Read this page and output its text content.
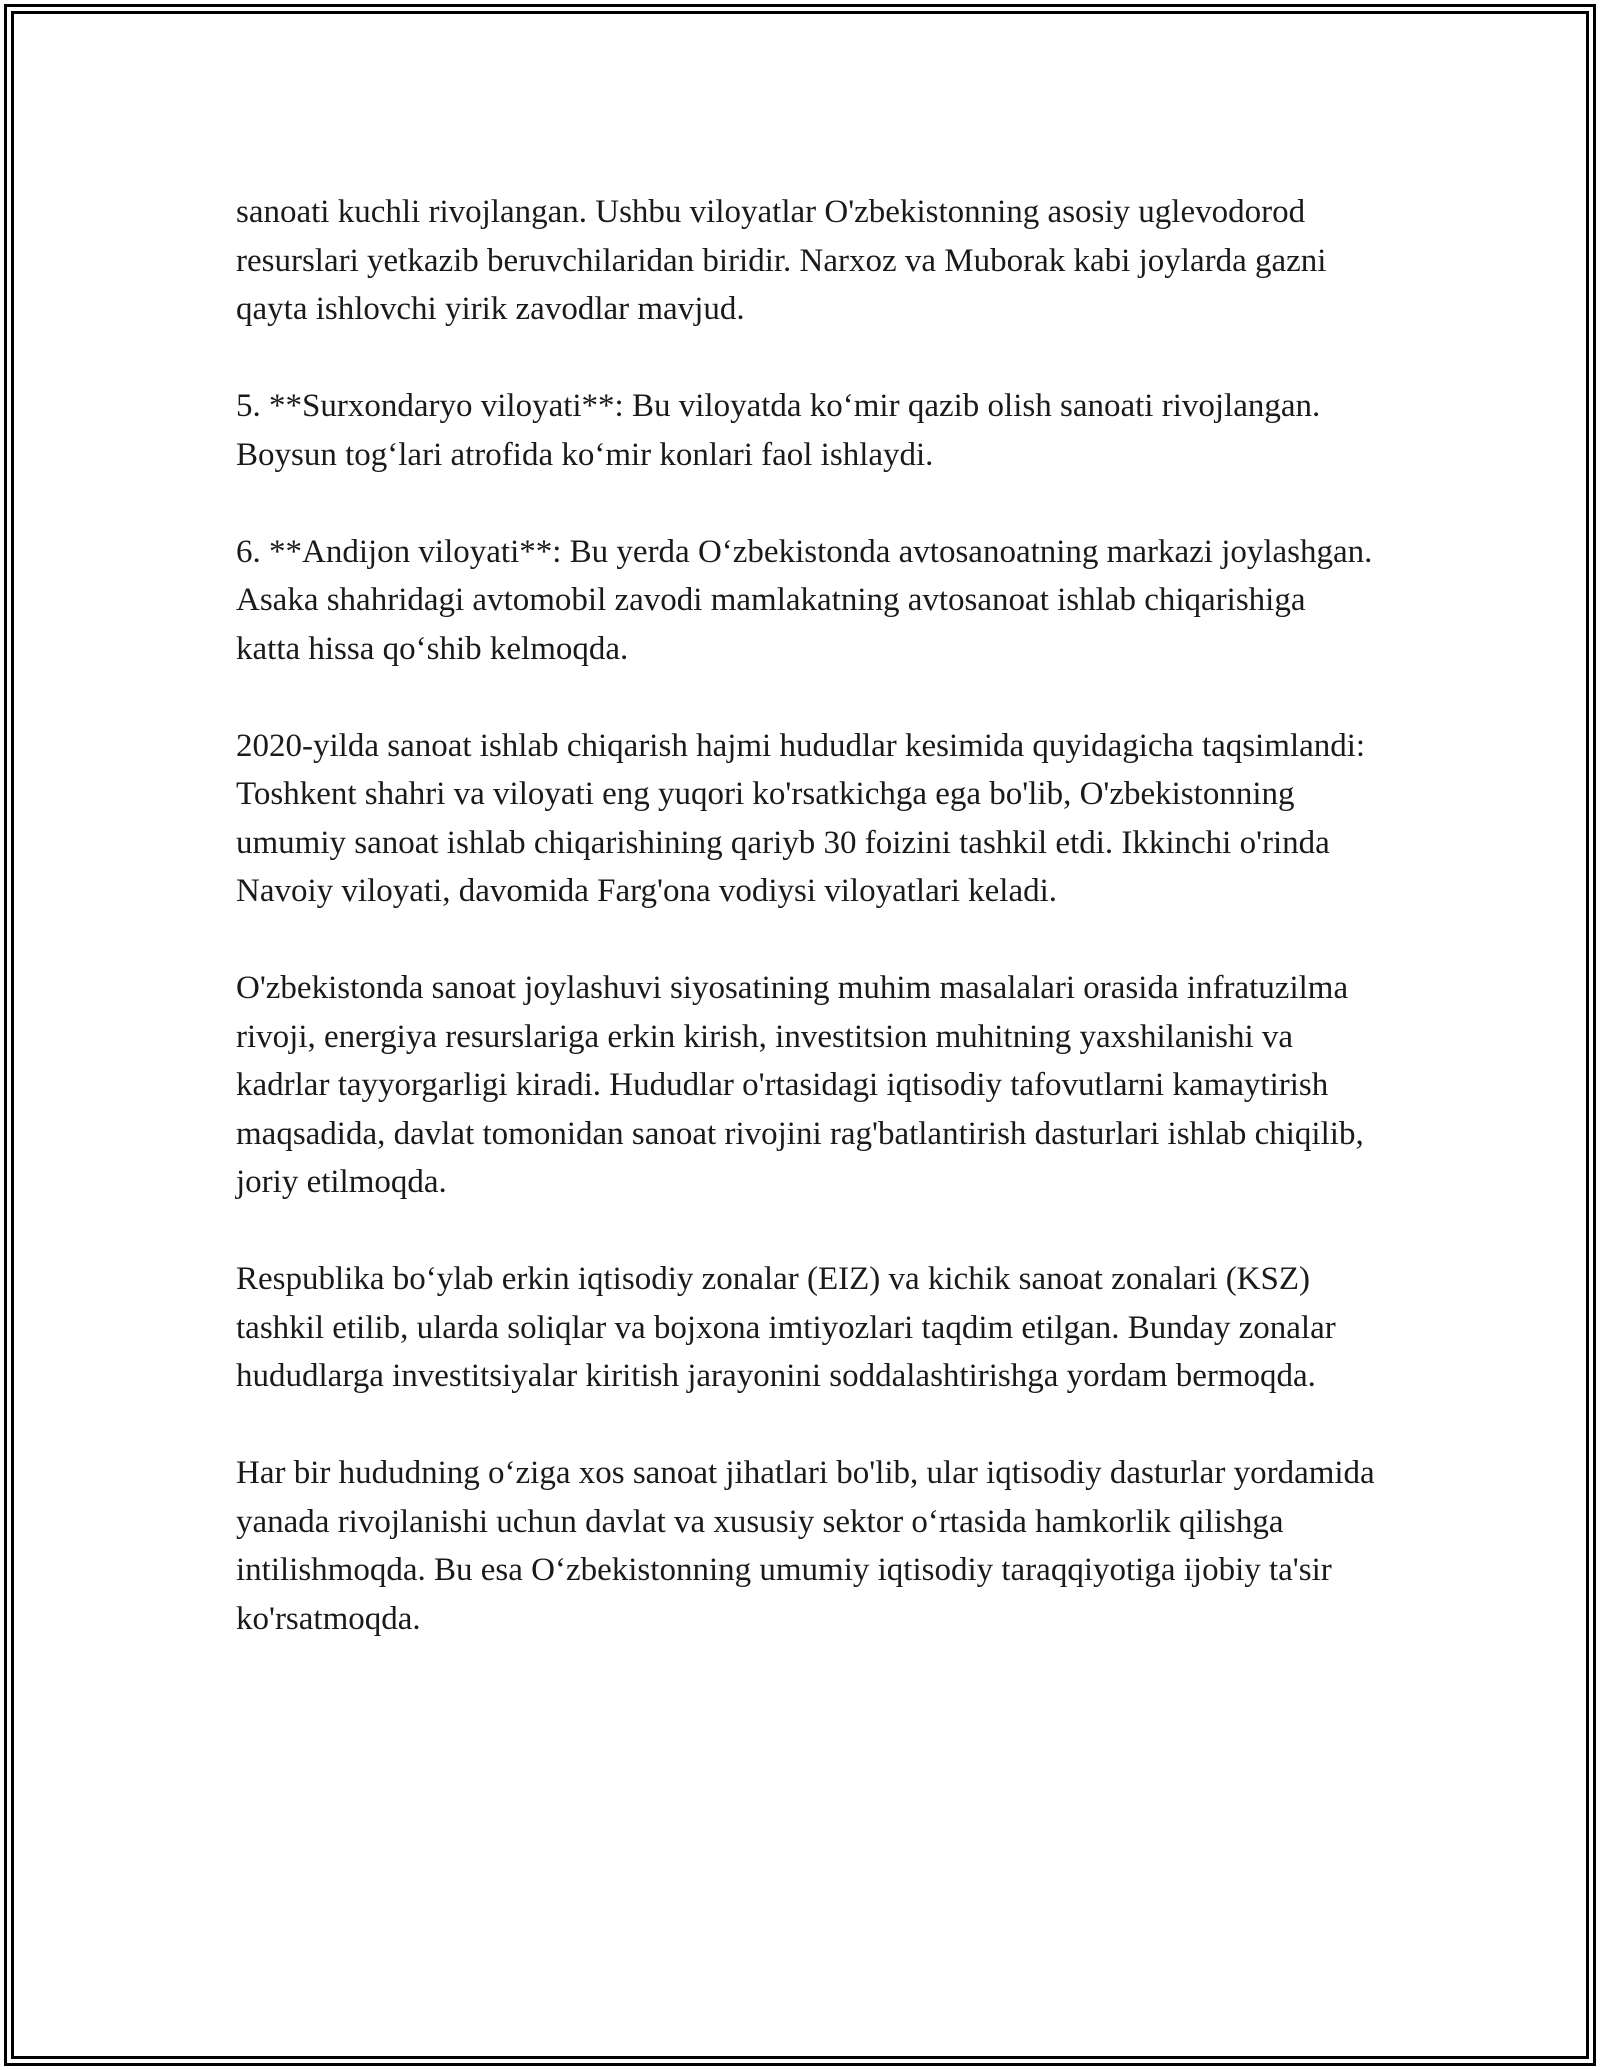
sanoati kuchli rivojlangan. Ushbu viloyatlar O'zbekistonning asosiy uglevodorod resurslari yetkazib beruvchilaridan biridir. Narxoz va Muborak kabi joylarda gazni qayta ishlovchi yirik zavodlar mavjud.

5. **Surxondaryo viloyati**: Bu viloyatda ko‘mir qazib olish sanoati rivojlangan. Boysun tog‘lari atrofida ko‘mir konlari faol ishlaydi.

6. **Andijon viloyati**: Bu yerda O‘zbekistonda avtosanoatning markazi joylashgan. Asaka shahridagi avtomobil zavodi mamlakatning avtosanoat ishlab chiqarishiga katta hissa qo‘shib kelmoqda.

2020-yilda sanoat ishlab chiqarish hajmi hududlar kesimida quyidagicha taqsimlandi: Toshkent shahri va viloyati eng yuqori ko'rsatkichga ega bo'lib, O'zbekistonning umumiy sanoat ishlab chiqarishining qariyb 30 foizini tashkil etdi. Ikkinchi o'rinda Navoiy viloyati, davomida Farg'ona vodiysi viloyatlari keladi.

O'zbekistonda sanoat joylashuvi siyosatining muhim masalalari orasida infratuzilma rivoji, energiya resurslariga erkin kirish, investitsion muhitning yaxshilanishi va kadrlar tayyorgarligi kiradi. Hududlar o'rtasidagi iqtisodiy tafovutlarni kamaytirish maqsadida, davlat tomonidan sanoat rivojini rag'batlantirish dasturlari ishlab chiqilib, joriy etilmoqda.

Respublika bo‘ylab erkin iqtisodiy zonalar (EIZ) va kichik sanoat zonalari (KSZ) tashkil etilib, ularda soliqlar va bojxona imtiyozlari taqdim etilgan. Bunday zonalar hududlarga investitsiyalar kiritish jarayonini soddalashtirishga yordam bermoqda.

Har bir hududning o‘ziga xos sanoat jihatlari bo'lib, ular iqtisodiy dasturlar yordamida yanada rivojlanishi uchun davlat va xususiy sektor o‘rtasida hamkorlik qilishga intilishmoqda. Bu esa O‘zbekistonning umumiy iqtisodiy taraqqiyotiga ijobiy ta'sir ko'rsatmoqda.
